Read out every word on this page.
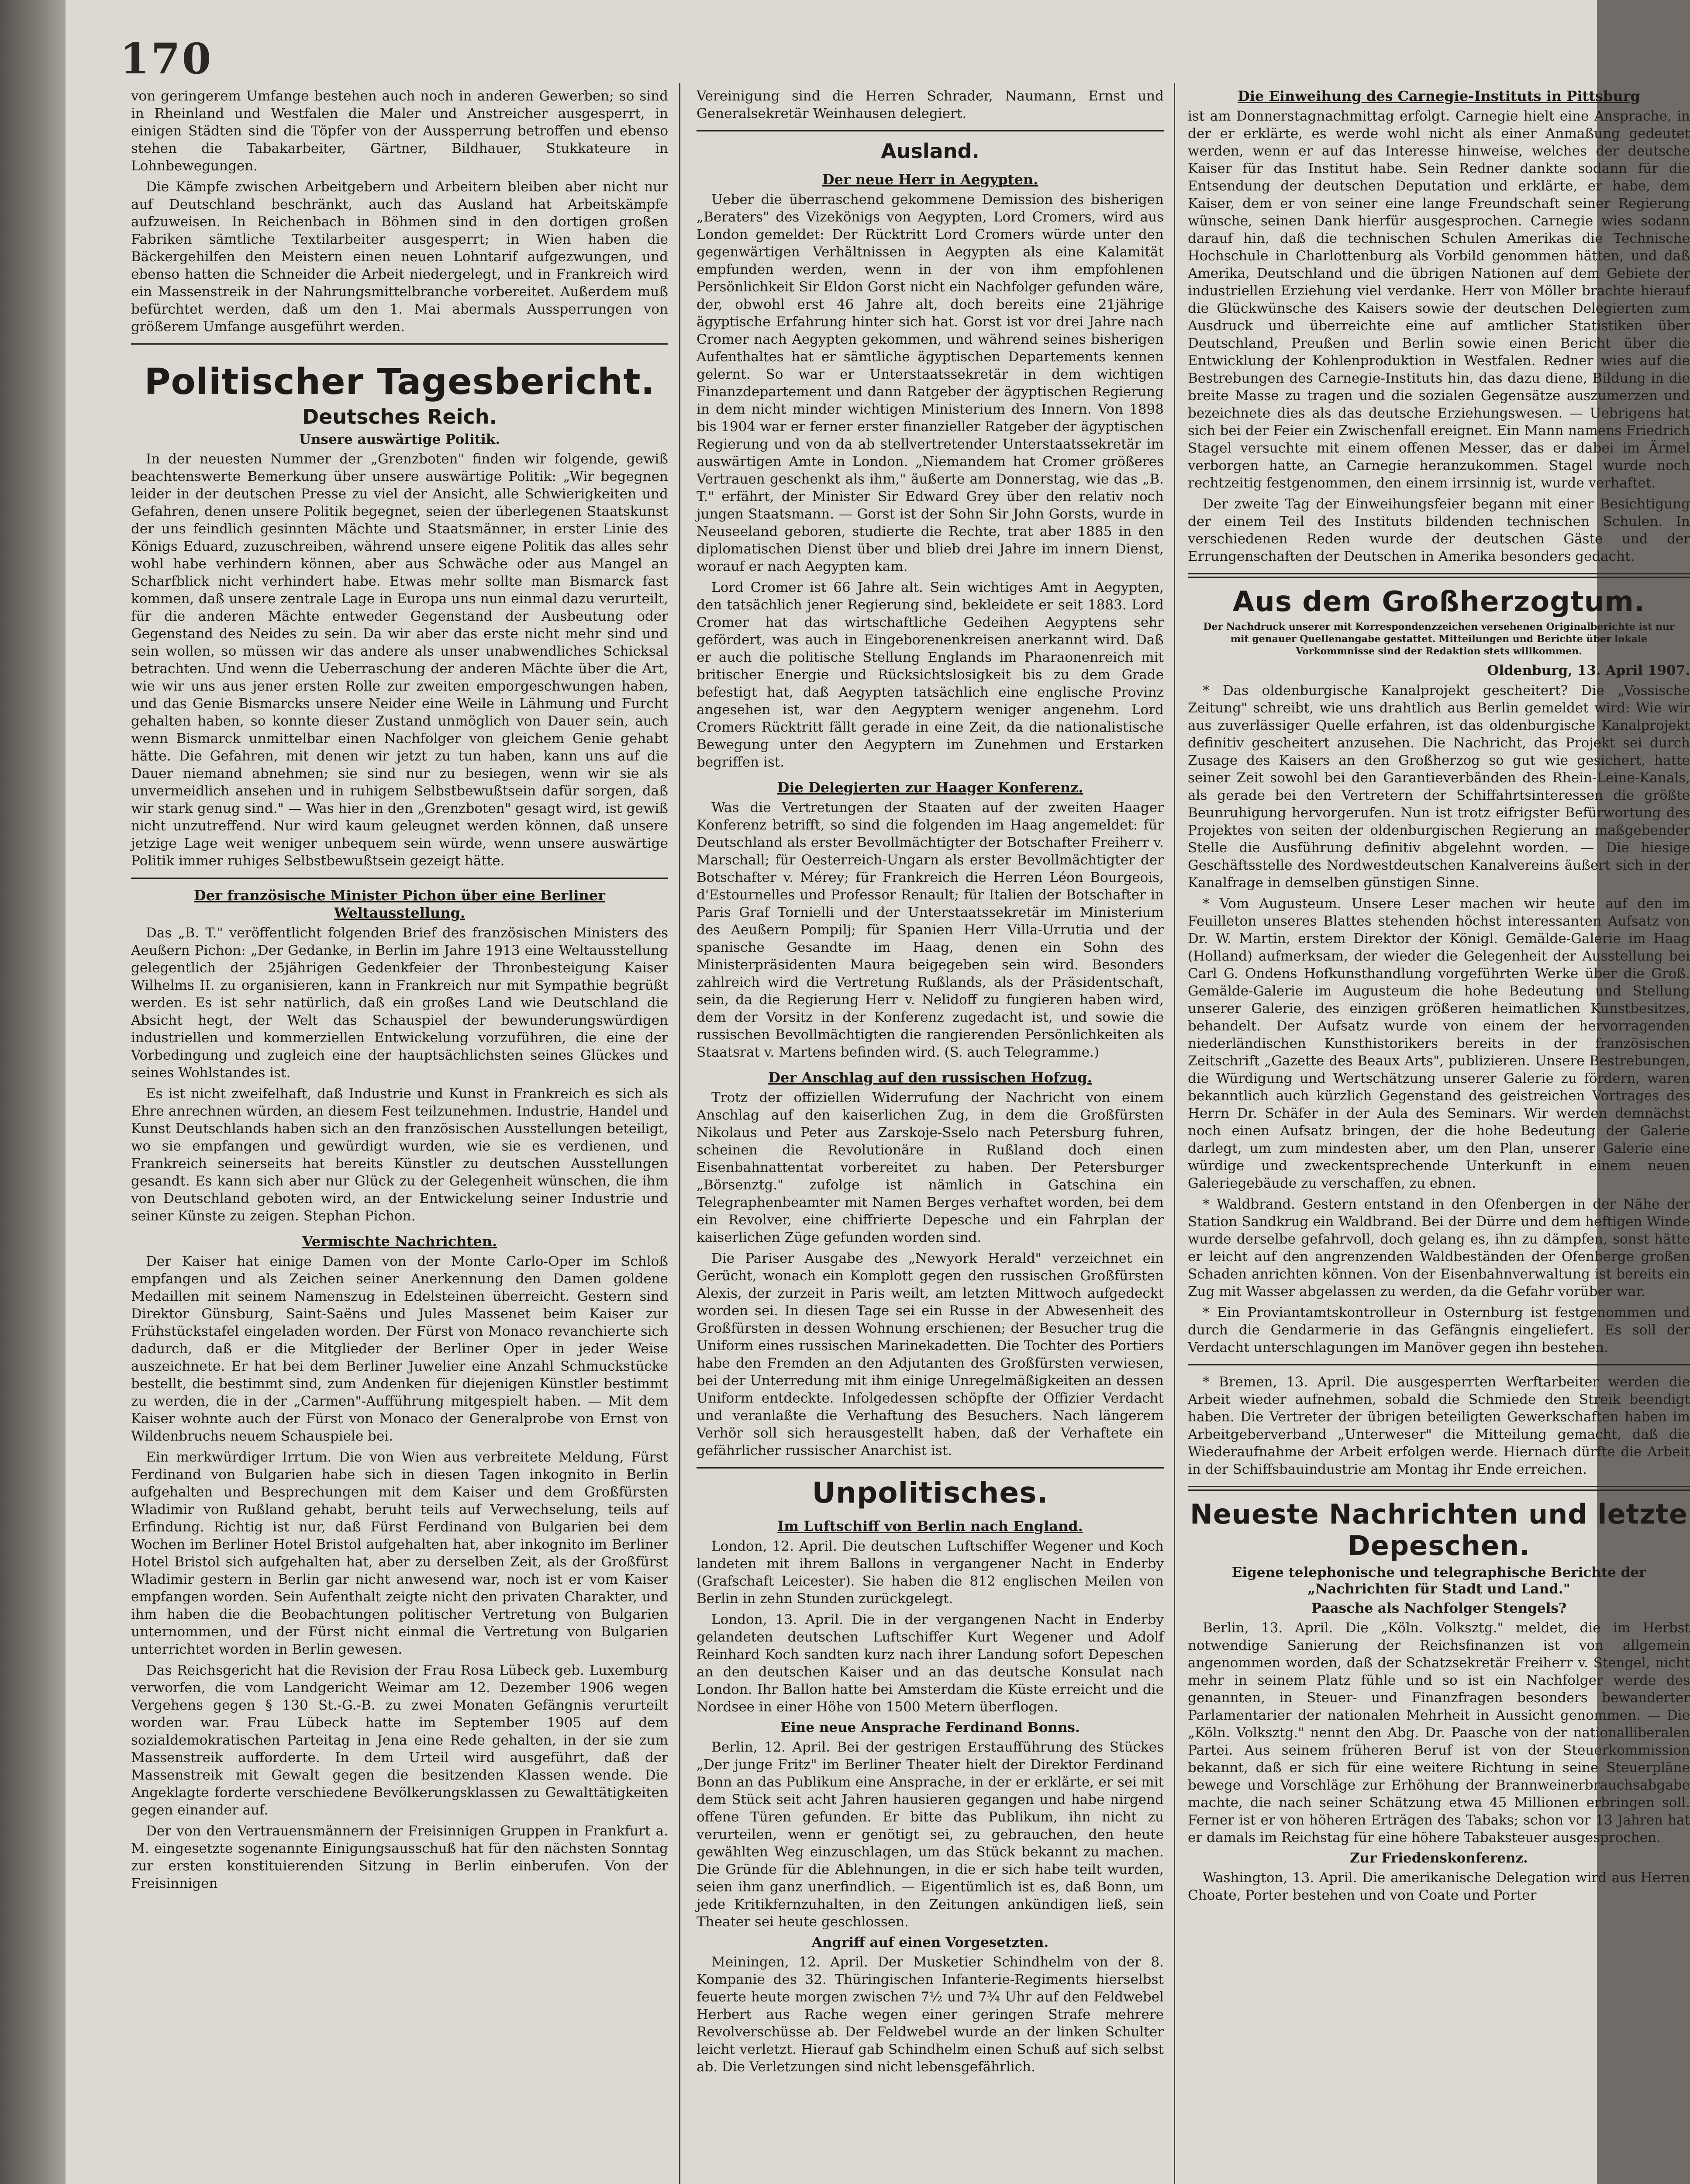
170

von geringerem Umfange bestehen auch noch in anderen Gewerben; so sind in Rheinland und Westfalen die Maler und Anstreicher ausgesperrt, in einigen Städten sind die Töpfer von der Aussperrung betroffen und ebenso stehen die Tabakarbeiter, Gärtner, Bildhauer, Stukkateure in Lohnbewegungen.

Die Kämpfe zwischen Arbeitgebern und Arbeitern bleiben aber nicht nur auf Deutschland beschränkt, auch das Ausland hat Arbeitskämpfe aufzuweisen. In Reichenbach in Böhmen sind in den dortigen großen Fabriken sämtliche Textilarbeiter ausgesperrt; in Wien haben die Bäckergehilfen den Meistern einen neuen Lohntarif aufgezwungen, und ebenso hatten die Schneider die Arbeit niedergelegt, und in Frankreich wird ein Massenstreik in der Nahrungsmittelbranche vorbereitet. Außerdem muß befürchtet werden, daß um den 1. Mai abermals Aussperrungen von größerem Umfange ausgeführt werden.

Politischer Tagesbericht.
Deutsches Reich.
Unsere auswärtige Politik.

In der neuesten Nummer der „Grenzboten" finden wir folgende, gewiß beachtenswerte Bemerkung über unsere auswärtige Politik: „Wir begegnen leider in der deutschen Presse zu viel der Ansicht, alle Schwierigkeiten und Gefahren, denen unsere Politik begegnet, seien der überlegenen Staatskunst der uns feindlich gesinnten Mächte und Staatsmänner, in erster Linie des Königs Eduard, zuzuschreiben, während unsere eigene Politik das alles sehr wohl habe verhindern können, aber aus Schwäche oder aus Mangel an Scharfblick nicht verhindert habe. Etwas mehr sollte man Bismarck fast kommen, daß unsere zentrale Lage in Europa uns nun einmal dazu verurteilt, für die anderen Mächte entweder Gegenstand der Ausbeutung oder Gegenstand des Neides zu sein. Da wir aber das erste nicht mehr sind und sein wollen, so müssen wir das andere als unser unabwendliches Schicksal betrachten. Und wenn die Ueberraschung der anderen Mächte über die Art, wie wir uns aus jener ersten Rolle zur zweiten emporgeschwungen haben, und das Genie Bismarcks unsere Neider eine Weile in Lähmung und Furcht gehalten haben, so konnte dieser Zustand unmöglich von Dauer sein, auch wenn Bismarck unmittelbar einen Nachfolger von gleichem Genie gehabt hätte. Die Gefahren, mit denen wir jetzt zu tun haben, kann uns auf die Dauer niemand abnehmen; sie sind nur zu besiegen, wenn wir sie als unvermeidlich ansehen und in ruhigem Selbstbewußtsein dafür sorgen, daß wir stark genug sind." — Was hier in den „Grenzboten" gesagt wird, ist gewiß nicht unzutreffend. Nur wird kaum geleugnet werden können, daß unsere jetzige Lage weit weniger unbequem sein würde, wenn unsere auswärtige Politik immer ruhiges Selbstbewußtsein gezeigt hätte.

Der französische Minister Pichon über eine Berliner Weltausstellung.

Das „B. T." veröffentlicht folgenden Brief des französischen Ministers des Aeußern Pichon: „Der Gedanke, in Berlin im Jahre 1913 eine Weltausstellung gelegentlich der 25jährigen Gedenkfeier der Thronbesteigung Kaiser Wilhelms II. zu organisieren, kann in Frankreich nur mit Sympathie begrüßt werden. Es ist sehr natürlich, daß ein großes Land wie Deutschland die Absicht hegt, der Welt das Schauspiel der bewunderungswürdigen industriellen und kommerziellen Entwickelung vorzuführen, die eine der Vorbedingung und zugleich eine der hauptsächlichsten seines Glückes und seines Wohlstandes ist.

Es ist nicht zweifelhaft, daß Industrie und Kunst in Frankreich es sich als Ehre anrechnen würden, an diesem Fest teilzunehmen. Industrie, Handel und Kunst Deutschlands haben sich an den französischen Ausstellungen beteiligt, wo sie empfangen und gewürdigt wurden, wie sie es verdienen, und Frankreich seinerseits hat bereits Künstler zu deutschen Ausstellungen gesandt. Es kann sich aber nur Glück zu der Gelegenheit wünschen, die ihm von Deutschland geboten wird, an der Entwickelung seiner Industrie und seiner Künste zu zeigen. Stephan Pichon.

Vermischte Nachrichten.

Der Kaiser hat einige Damen von der Monte Carlo-Oper im Schloß empfangen und als Zeichen seiner Anerkennung den Damen goldene Medaillen mit seinem Namenszug in Edelsteinen überreicht. Gestern sind Direktor Günsburg, Saint-Saëns und Jules Massenet beim Kaiser zur Frühstückstafel eingeladen worden. Der Fürst von Monaco revanchierte sich dadurch, daß er die Mitglieder der Berliner Oper in jeder Weise auszeichnete. Er hat bei dem Berliner Juwelier eine Anzahl Schmuckstücke bestellt, die bestimmt sind, zum Andenken für diejenigen Künstler bestimmt zu werden, die in der „Carmen"-Aufführung mitgespielt haben. — Mit dem Kaiser wohnte auch der Fürst von Monaco der Generalprobe von Ernst von Wildenbruchs neuem Schauspiele bei.

Ein merkwürdiger Irrtum. Die von Wien aus verbreitete Meldung, Fürst Ferdinand von Bulgarien habe sich in diesen Tagen inkognito in Berlin aufgehalten und Besprechungen mit dem Kaiser und dem Großfürsten Wladimir von Rußland gehabt, beruht teils auf Verwechselung, teils auf Erfindung. Richtig ist nur, daß Fürst Ferdinand von Bulgarien bei dem Wochen im Berliner Hotel Bristol aufgehalten hat, aber inkognito im Berliner Hotel Bristol sich aufgehalten hat, aber zu derselben Zeit, als der Großfürst Wladimir gestern in Berlin gar nicht anwesend war, noch ist er vom Kaiser empfangen worden. Sein Aufenthalt zeigte nicht den privaten Charakter, und ihm haben die die Beobachtungen politischer Vertretung von Bulgarien unternommen, und der Fürst nicht einmal die Vertretung von Bulgarien unterrichtet worden in Berlin gewesen.

Das Reichsgericht hat die Revision der Frau Rosa Lübeck geb. Luxemburg verworfen, die vom Landgericht Weimar am 12. Dezember 1906 wegen Vergehens gegen § 130 St.-G.-B. zu zwei Monaten Gefängnis verurteilt worden war. Frau Lübeck hatte im September 1905 auf dem sozialdemokratischen Parteitag in Jena eine Rede gehalten, in der sie zum Massenstreik aufforderte. In dem Urteil wird ausgeführt, daß der Massenstreik mit Gewalt gegen die besitzenden Klassen wende. Die Angeklagte forderte verschiedene Bevölkerungsklassen zu Gewalttätigkeiten gegen einander auf.

Der von den Vertrauensmännern der Freisinnigen Gruppen in Frankfurt a. M. eingesetzte sogenannte Einigungsausschuß hat für den nächsten Sonntag zur ersten konstituierenden Sitzung in Berlin einberufen. Von der Freisinnigen

Vereinigung sind die Herren Schrader, Naumann, Ernst und Generalsekretär Weinhausen delegiert.

Ausland.
Der neue Herr in Aegypten.

Ueber die überraschend gekommene Demission des bisherigen „Beraters" des Vizekönigs von Aegypten, Lord Cromers, wird aus London gemeldet: Der Rücktritt Lord Cromers würde unter den gegenwärtigen Verhältnissen in Aegypten als eine Kalamität empfunden werden, wenn in der von ihm empfohlenen Persönlichkeit Sir Eldon Gorst nicht ein Nachfolger gefunden wäre, der, obwohl erst 46 Jahre alt, doch bereits eine 21jährige ägyptische Erfahrung hinter sich hat. Gorst ist vor drei Jahre nach Cromer nach Aegypten gekommen, und während seines bisherigen Aufenthaltes hat er sämtliche ägyptischen Departements kennen gelernt. So war er Unterstaatssekretär in dem wichtigen Finanzdepartement und dann Ratgeber der ägyptischen Regierung in dem nicht minder wichtigen Ministerium des Innern. Von 1898 bis 1904 war er ferner erster finanzieller Ratgeber der ägyptischen Regierung und von da ab stellvertretender Unterstaatssekretär im auswärtigen Amte in London. „Niemandem hat Cromer größeres Vertrauen geschenkt als ihm," äußerte am Donnerstag, wie das „B. T." erfährt, der Minister Sir Edward Grey über den relativ noch jungen Staatsmann. — Gorst ist der Sohn Sir John Gorsts, wurde in Neuseeland geboren, studierte die Rechte, trat aber 1885 in den diplomatischen Dienst über und blieb drei Jahre im innern Dienst, worauf er nach Aegypten kam.

Lord Cromer ist 66 Jahre alt. Sein wichtiges Amt in Aegypten, den tatsächlich jener Regierung sind, bekleidete er seit 1883. Lord Cromer hat das wirtschaftliche Gedeihen Aegyptens sehr gefördert, was auch in Eingeborenenkreisen anerkannt wird. Daß er auch die politische Stellung Englands im Pharaonenreich mit britischer Energie und Rücksichtslosigkeit bis zu dem Grade befestigt hat, daß Aegypten tatsächlich eine englische Provinz angesehen ist, war den Aegyptern weniger angenehm. Lord Cromers Rücktritt fällt gerade in eine Zeit, da die nationalistische Bewegung unter den Aegyptern im Zunehmen und Erstarken begriffen ist.

Die Delegierten zur Haager Konferenz.

Was die Vertretungen der Staaten auf der zweiten Haager Konferenz betrifft, so sind die folgenden im Haag angemeldet: für Deutschland als erster Bevollmächtigter der Botschafter Freiherr v. Marschall; für Oesterreich-Ungarn als erster Bevollmächtigter der Botschafter v. Mérey; für Frankreich die Herren Léon Bourgeois, d'Estournelles und Professor Renault; für Italien der Botschafter in Paris Graf Tornielli und der Unterstaatssekretär im Ministerium des Aeußern Pompilj; für Spanien Herr Villa-Urrutia und der spanische Gesandte im Haag, denen ein Sohn des Ministerpräsidenten Maura beigegeben sein wird. Besonders zahlreich wird die Vertretung Rußlands, als der Präsidentschaft, sein, da die Regierung Herr v. Nelidoff zu fungieren haben wird, dem der Vorsitz in der Konferenz zugedacht ist, und sowie die russischen Bevollmächtigten die rangierenden Persönlichkeiten als Staatsrat v. Martens befinden wird. (S. auch Telegramme.)

Der Anschlag auf den russischen Hofzug.

Trotz der offiziellen Widerrufung der Nachricht von einem Anschlag auf den kaiserlichen Zug, in dem die Großfürsten Nikolaus und Peter aus Zarskoje-Sselo nach Petersburg fuhren, scheinen die Revolutionäre in Rußland doch einen Eisenbahnattentat vorbereitet zu haben. Der Petersburger „Börsenztg." zufolge ist nämlich in Gatschina ein Telegraphenbeamter mit Namen Berges verhaftet worden, bei dem ein Revolver, eine chiffrierte Depesche und ein Fahrplan der kaiserlichen Züge gefunden worden sind.

Die Pariser Ausgabe des „Newyork Herald" verzeichnet ein Gerücht, wonach ein Komplott gegen den russischen Großfürsten Alexis, der zurzeit in Paris weilt, am letzten Mittwoch aufgedeckt worden sei. In diesen Tage sei ein Russe in der Abwesenheit des Großfürsten in dessen Wohnung erschienen; der Besucher trug die Uniform eines russischen Marinekadetten. Die Tochter des Portiers habe den Fremden an den Adjutanten des Großfürsten verwiesen, bei der Unterredung mit ihm einige Unregelmäßigkeiten an dessen Uniform entdeckte. Infolgedessen schöpfte der Offizier Verdacht und veranlaßte die Verhaftung des Besuchers. Nach längerem Verhör soll sich herausgestellt haben, daß der Verhaftete ein gefährlicher russischer Anarchist ist.

Unpolitisches.
Im Luftschiff von Berlin nach England.

London, 12. April. Die deutschen Luftschiffer Wegener und Koch landeten mit ihrem Ballons in vergangener Nacht in Enderby (Grafschaft Leicester). Sie haben die 812 englischen Meilen von Berlin in zehn Stunden zurückgelegt.

London, 13. April. Die in der vergangenen Nacht in Enderby gelandeten deutschen Luftschiffer Kurt Wegener und Adolf Reinhard Koch sandten kurz nach ihrer Landung sofort Depeschen an den deutschen Kaiser und an das deutsche Konsulat nach London. Ihr Ballon hatte bei Amsterdam die Küste erreicht und die Nordsee in einer Höhe von 1500 Metern überflogen.

Eine neue Ansprache Ferdinand Bonns.

Berlin, 12. April. Bei der gestrigen Erstaufführung des Stückes „Der junge Fritz" im Berliner Theater hielt der Direktor Ferdinand Bonn an das Publikum eine Ansprache, in der er erklärte, er sei mit dem Stück seit acht Jahren hausieren gegangen und habe nirgend offene Türen gefunden. Er bitte das Publikum, ihn nicht zu verurteilen, wenn er genötigt sei, zu gebrauchen, den heute gewählten Weg einzuschlagen, um das Stück bekannt zu machen. Die Gründe für die Ablehnungen, in die er sich habe teilt wurden, seien ihm ganz unerfindlich. — Eigentümlich ist es, daß Bonn, um jede Kritikfernzuhalten, in den Zeitungen ankündigen ließ, sein Theater sei heute geschlossen.

Angriff auf einen Vorgesetzten.

Meiningen, 12. April. Der Musketier Schindhelm von der 8. Kompanie des 32. Thüringischen Infanterie-Regiments hierselbst feuerte heute morgen zwischen 7½ und 7¾ Uhr auf den Feldwebel Herbert aus Rache wegen einer geringen Strafe mehrere Revolverschüsse ab. Der Feldwebel wurde an der linken Schulter leicht verletzt. Hierauf gab Schindhelm einen Schuß auf sich selbst ab. Die Verletzungen sind nicht lebensgefährlich.

Die Einweihung des Carnegie-Instituts in Pittsburg

ist am Donnerstagnachmittag erfolgt. Carnegie hielt eine Ansprache, in der er erklärte, es werde wohl nicht als einer Anmaßung gedeutet werden, wenn er auf das Interesse hinweise, welches der deutsche Kaiser für das Institut habe. Sein Redner dankte sodann für die Entsendung der deutschen Deputation und erklärte, er habe, dem Kaiser, dem er von seiner eine lange Freundschaft seiner Regierung wünsche, seinen Dank hierfür ausgesprochen. Carnegie wies sodann darauf hin, daß die technischen Schulen Amerikas die Technische Hochschule in Charlottenburg als Vorbild genommen hätten, und daß Amerika, Deutschland und die übrigen Nationen auf dem Gebiete der industriellen Erziehung viel verdanke. Herr von Möller brachte hierauf die Glückwünsche des Kaisers sowie der deutschen Delegierten zum Ausdruck und überreichte eine auf amtlicher Statistiken über Deutschland, Preußen und Berlin sowie einen Bericht über die Entwicklung der Kohlenproduktion in Westfalen. Redner wies auf die Bestrebungen des Carnegie-Instituts hin, das dazu diene, Bildung in die breite Masse zu tragen und die sozialen Gegensätze auszumerzen und bezeichnete dies als das deutsche Erziehungswesen. — Uebrigens hat sich bei der Feier ein Zwischenfall ereignet. Ein Mann namens Friedrich Stagel versuchte mit einem offenen Messer, das er dabei im Ärmel verborgen hatte, an Carnegie heranzukommen. Stagel wurde noch rechtzeitig festgenommen, den einem irrsinnig ist, wurde verhaftet.

Der zweite Tag der Einweihungsfeier begann mit einer Besichtigung der einem Teil des Instituts bildenden technischen Schulen. In verschiedenen Reden wurde der deutschen Gäste und der Errungenschaften der Deutschen in Amerika besonders gedacht.

Aus dem Großherzogtum.
Der Nachdruck unserer mit Korrespondenzzeichen versehenen Originalberichte ist nur mit genauer Quellenangabe gestattet. Mitteilungen und Berichte über lokale Vorkommnisse sind der Redaktion stets willkommen.
Oldenburg, 13. April 1907.

* Das oldenburgische Kanalprojekt gescheitert? Die „Vossische Zeitung" schreibt, wie uns drahtlich aus Berlin gemeldet wird: Wie wir aus zuverlässiger Quelle erfahren, ist das oldenburgische Kanalprojekt definitiv gescheitert anzusehen. Die Nachricht, das Projekt sei durch Zusage des Kaisers an den Großherzog so gut wie gesichert, hatte seiner Zeit sowohl bei den Garantieverbänden des Rhein-Leine-Kanals, als gerade bei den Vertretern der Schiffahrtsinteressen die größte Beunruhigung hervorgerufen. Nun ist trotz eifrigster Befürwortung des Projektes von seiten der oldenburgischen Regierung an maßgebender Stelle die Ausführung definitiv abgelehnt worden. — Die hiesige Geschäftsstelle des Nordwestdeutschen Kanalvereins äußert sich in der Kanalfrage in demselben günstigen Sinne.

* Vom Augusteum. Unsere Leser machen wir heute auf den im Feuilleton unseres Blattes stehenden höchst interessanten Aufsatz von Dr. W. Martin, erstem Direktor der Königl. Gemälde-Galerie im Haag (Holland) aufmerksam, der wieder die Gelegenheit der Ausstellung bei Carl G. Ondens Hofkunsthandlung vorgeführten Werke über die Groß. Gemälde-Galerie im Augusteum die hohe Bedeutung und Stellung unserer Galerie, des einzigen größeren heimatlichen Kunstbesitzes, behandelt. Der Aufsatz wurde von einem der hervorragenden niederländischen Kunsthistorikers bereits in der französischen Zeitschrift „Gazette des Beaux Arts", publizieren. Unsere Bestrebungen, die Würdigung und Wertschätzung unserer Galerie zu fördern, waren bekanntlich auch kürzlich Gegenstand des geistreichen Vortrages des Herrn Dr. Schäfer in der Aula des Seminars. Wir werden demnächst noch einen Aufsatz bringen, der die hohe Bedeutung der Galerie darlegt, um zum mindesten aber, um den Plan, unserer Galerie eine würdige und zweckentsprechende Unterkunft in einem neuen Galeriegebäude zu verschaffen, zu ebnen.

* Waldbrand. Gestern entstand in den Ofenbergen in der Nähe der Station Sandkrug ein Waldbrand. Bei der Dürre und dem heftigen Winde wurde derselbe gefahrvoll, doch gelang es, ihn zu dämpfen, sonst hätte er leicht auf den angrenzenden Waldbeständen der Ofenberge großen Schaden anrichten können. Von der Eisenbahnverwaltung ist bereits ein Zug mit Wasser abgelassen zu werden, da die Gefahr vorüber war.

* Ein Proviantamtskontrolleur in Osternburg ist festgenommen und durch die Gendarmerie in das Gefängnis eingeliefert. Es soll der Verdacht unterschlagungen im Manöver gegen ihn bestehen.

* Bremen, 13. April. Die ausgesperrten Werftarbeiter werden die Arbeit wieder aufnehmen, sobald die Schmiede den Streik beendigt haben. Die Vertreter der übrigen beteiligten Gewerkschaften haben im Arbeitgeberverband „Unterweser" die Mitteilung gemacht, daß die Wiederaufnahme der Arbeit erfolgen werde. Hiernach dürfte die Arbeit in der Schiffsbauindustrie am Montag ihr Ende erreichen.

Neueste Nachrichten und letzte Depeschen.
Eigene telephonische und telegraphische Berichte der „Nachrichten für Stadt und Land."
Paasche als Nachfolger Stengels?

Berlin, 13. April. Die „Köln. Volksztg." meldet, die im Herbst notwendige Sanierung der Reichsfinanzen ist von allgemein angenommen worden, daß der Schatzsekretär Freiherr v. Stengel, nicht mehr in seinem Platz fühle und so ist ein Nachfolger werde des genannten, in Steuer- und Finanzfragen besonders bewanderter Parlamentarier der nationalen Mehrheit in Aussicht genommen. — Die „Köln. Volksztg." nennt den Abg. Dr. Paasche von der nationalliberalen Partei. Aus seinem früheren Beruf ist von der Steuerkommission bekannt, daß er sich für eine weitere Richtung in seine Steuerpläne bewege und Vorschläge zur Erhöhung der Brannweinerbrauchsabgabe machte, die nach seiner Schätzung etwa 45 Millionen erbringen soll. Ferner ist er von höheren Erträgen des Tabaks; schon vor 13 Jahren hat er damals im Reichstag für eine höhere Tabaksteuer ausgesprochen.

Zur Friedenskonferenz.

Washington, 13. April. Die amerikanische Delegation wird aus Herren Choate, Porter bestehen und von Coate und Porter
